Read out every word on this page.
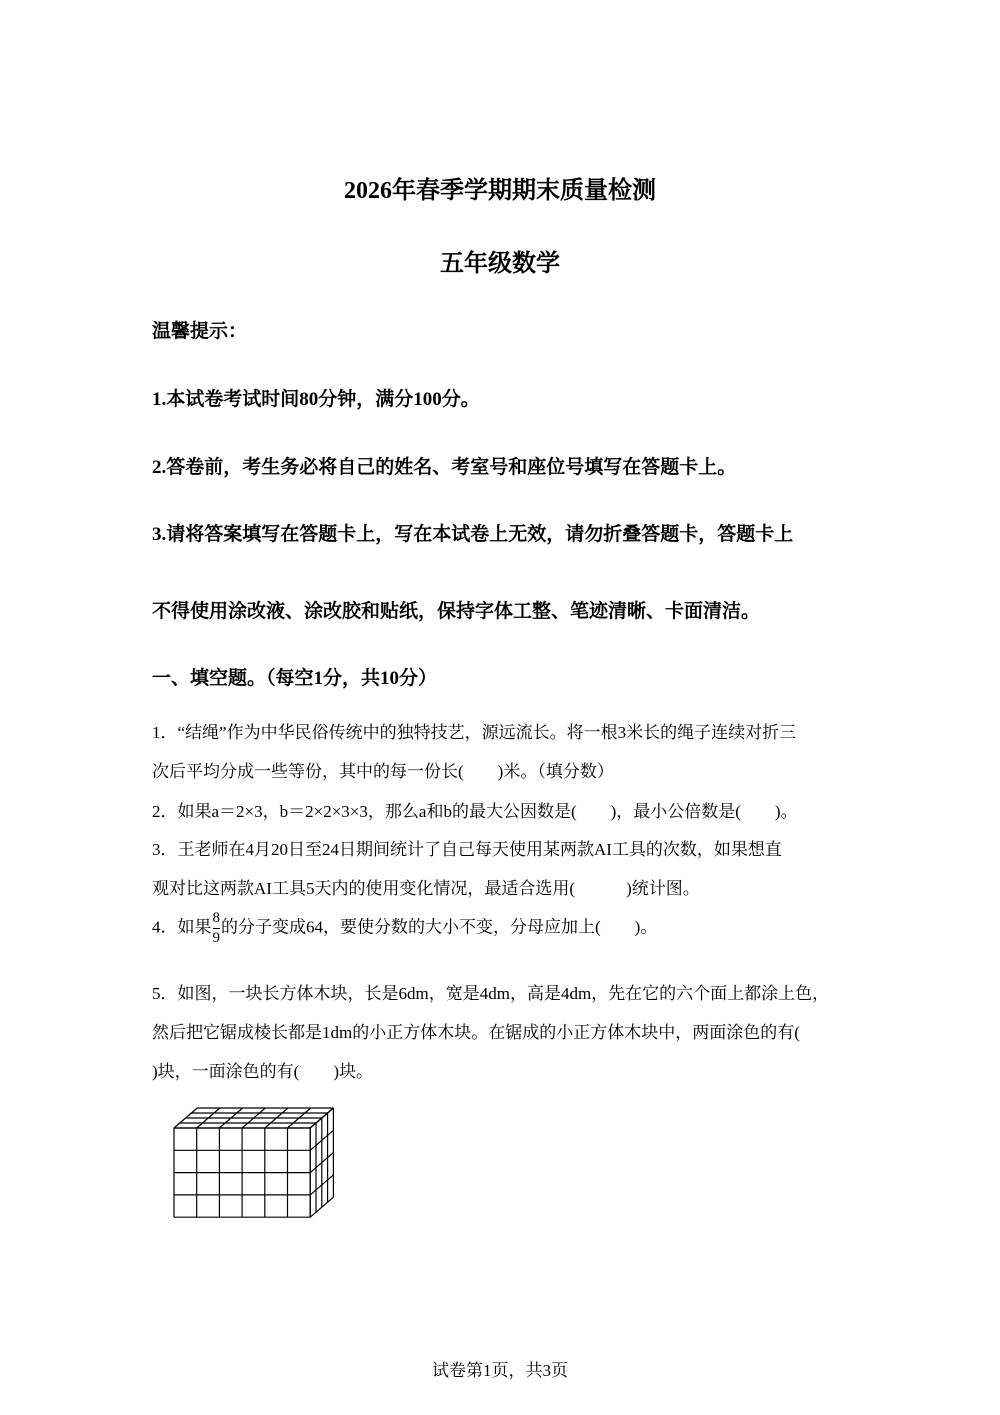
2026年春季学期期末质量检测
五年级数学
温馨提示：
1.本试卷考试时间80分钟，满分100分。
2.答卷前，考生务必将自己的姓名、考室号和座位号填写在答题卡上。
3.请将答案填写在答题卡上，写在本试卷上无效，请勿折叠答题卡，答题卡上
不得使用涂改液、涂改胶和贴纸，保持字体工整、笔迹清晰、卡面清洁。
一、填空题。（每空1分，共10分）
1．“结绳”作为中华民俗传统中的独特技艺，源远流长。将一根3米长的绳子连续对折三
次后平均分成一些等份，其中的每一份长(　　)米。（填分数）
2．如果a＝2×3，b＝2×2×3×3，那么a和b的最大公因数是(　　)，最小公倍数是(　　)。
3．王老师在4月20日至24日期间统计了自己每天使用某两款AI工具的次数，如果想直
观对比这两款AI工具5天内的使用变化情况，最适合选用(　　　)统计图。
4．如果 $\frac{8}{9}$ 的分子变成64，要使分数的大小不变，分母应加上(　　)。
5．如图，一块长方体木块，长是6dm，宽是4dm，高是4dm，先在它的六个面上都涂上色，
然后把它锯成棱长都是1dm的小正方体木块。在锯成的小正方体木块中，两面涂色的有(
)块，一面涂色的有(　　)块。
试卷第1页，共3页
